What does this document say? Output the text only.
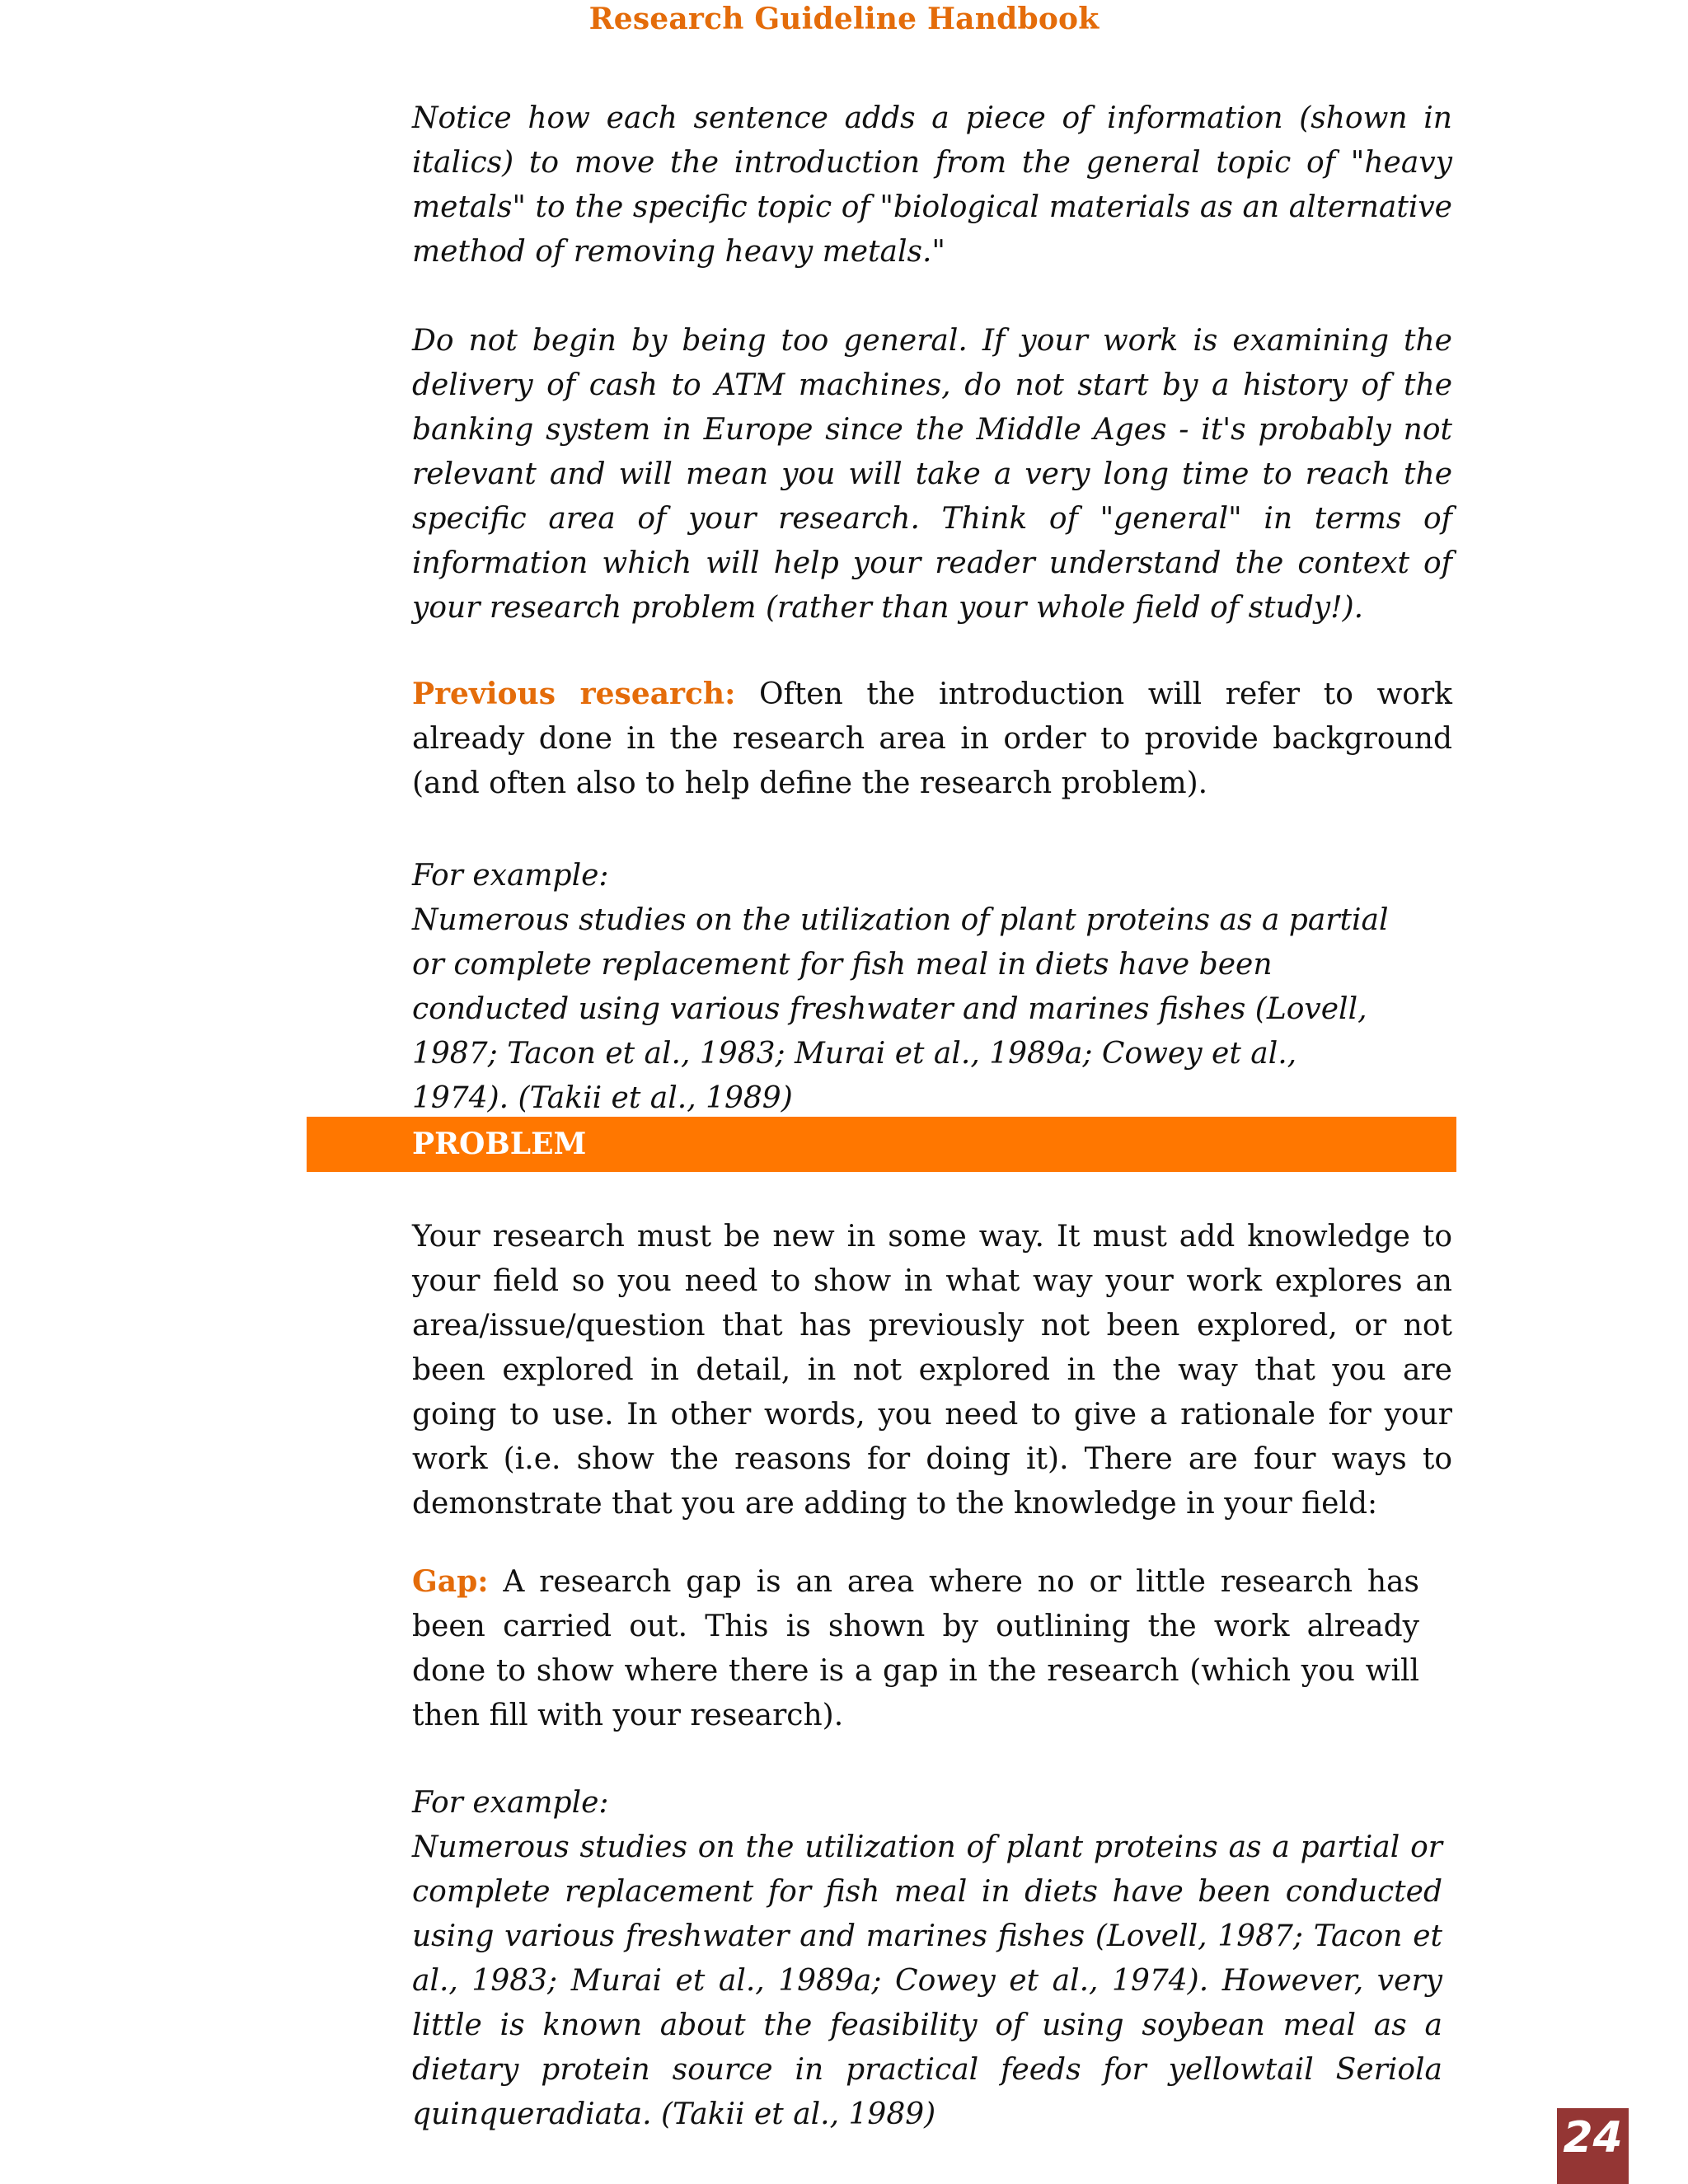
Research Guideline Handbook

Notice how each sentence adds a piece of information (shown in italics) to move the introduction from the general topic of "heavy metals" to the specific topic of "biological materials as an alternative method of removing heavy metals."

Do not begin by being too general. If your work is examining the delivery of cash to ATM machines, do not start by a history of the banking system in Europe since the Middle Ages - it's probably not relevant and will mean you will take a very long time to reach the specific area of your research. Think of "general" in terms of information which will help your reader understand the context of your research problem (rather than your whole field of study!).

Previous research: Often the introduction will refer to work already done in the research area in order to provide background (and often also to help define the research problem).

For example:

Numerous studies on the utilization of plant proteins as a partial or complete replacement for fish meal in diets have been conducted using various freshwater and marines fishes (Lovell, 1987; Tacon et al., 1983; Murai et al., 1989a; Cowey et al., 1974). (Takii et al., 1989)

PROBLEM

Your research must be new in some way. It must add knowledge to your field so you need to show in what way your work explores an area/issue/question that has previously not been explored, or not been explored in detail, in not explored in the way that you are going to use. In other words, you need to give a rationale for your work (i.e. show the reasons for doing it). There are four ways to demonstrate that you are adding to the knowledge in your field:

Gap: A research gap is an area where no or little research has been carried out. This is shown by outlining the work already done to show where there is a gap in the research (which you will then fill with your research).

For example:

Numerous studies on the utilization of plant proteins as a partial or complete replacement for fish meal in diets have been conducted using various freshwater and marines fishes (Lovell, 1987; Tacon et al., 1983; Murai et al., 1989a; Cowey et al., 1974). However, very little is known about the feasibility of using soybean meal as a dietary protein source in practical feeds for yellowtail Seriola quinqueradiata. (Takii et al., 1989)	24
